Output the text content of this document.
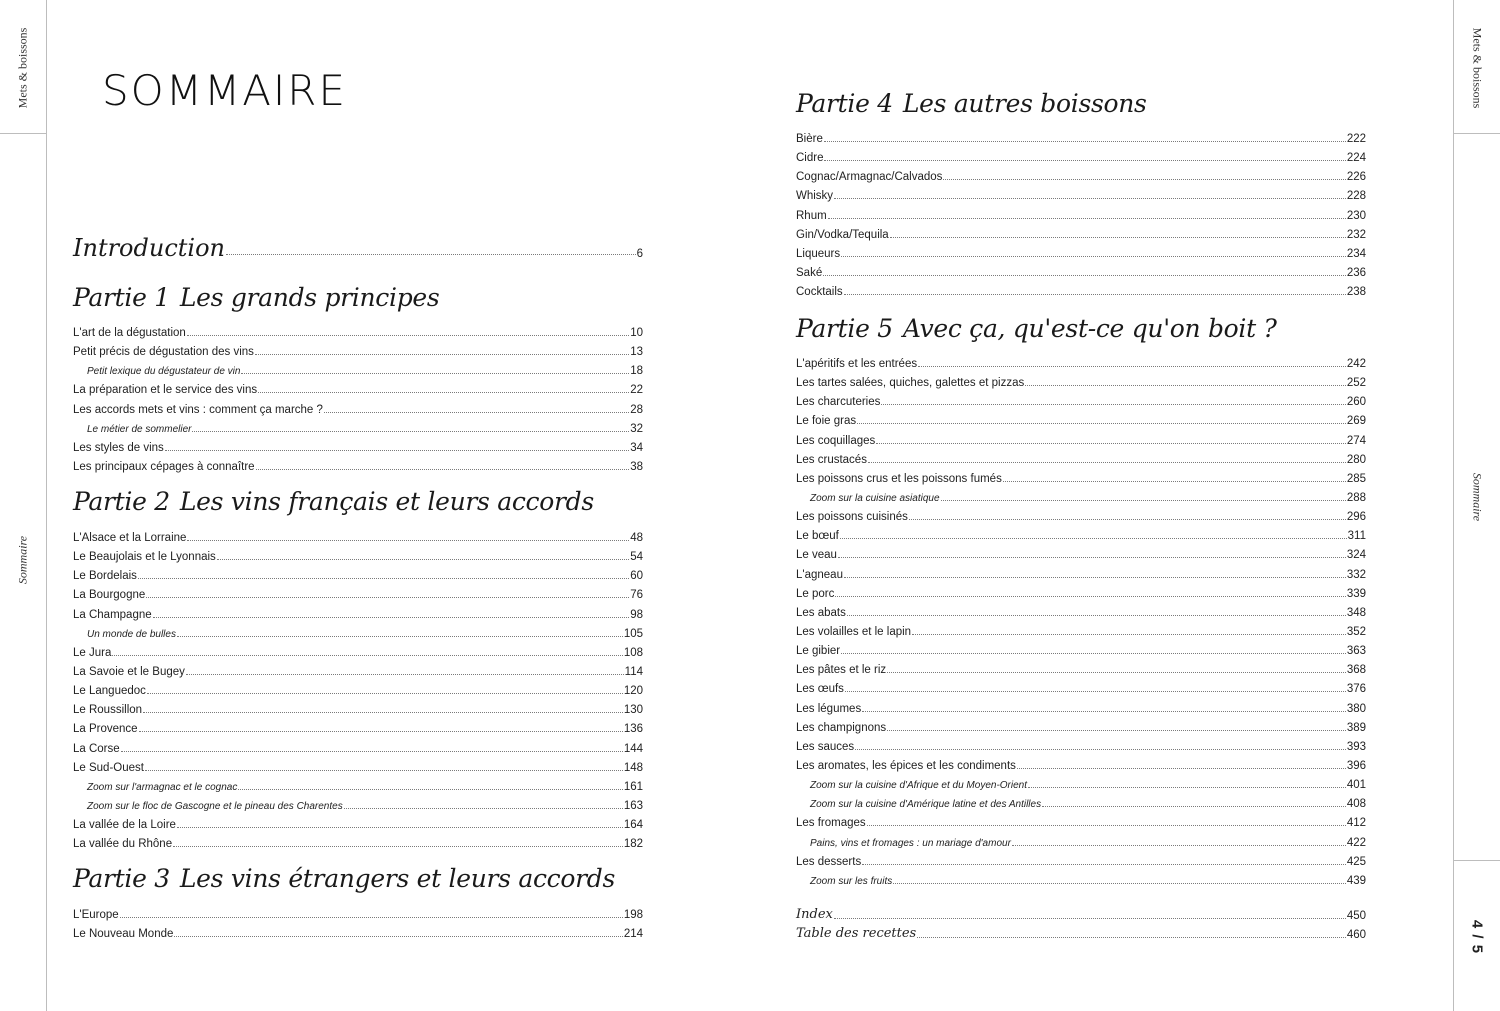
Mets & boissons
Sommaire
Mets & boissons
Sommaire
4 / 5
SOMMAIRE
Introduction	6
Partie 1 Les grands principes
L'art de la dégustation	10
Petit précis de dégustation des vins	13
Petit lexique du dégustateur de vin	18
La préparation et le service des vins	22
Les accords mets et vins : comment ça marche ?	28
Le métier de sommelier	32
Les styles de vins	34
Les principaux cépages à connaître	38
Partie 2 Les vins français et leurs accords
L'Alsace et la Lorraine	48
Le Beaujolais et le Lyonnais	54
Le Bordelais	60
La Bourgogne	76
La Champagne	98
Un monde de bulles	105
Le Jura	108
La Savoie et le Bugey	114
Le Languedoc	120
Le Roussillon	130
La Provence	136
La Corse	144
Le Sud-Ouest	148
Zoom sur l'armagnac et le cognac	161
Zoom sur le floc de Gascogne et le pineau des Charentes	163
La vallée de la Loire	164
La vallée du Rhône	182
Partie 3 Les vins étrangers et leurs accords
L'Europe	198
Le Nouveau Monde	214
Partie 4 Les autres boissons
Bière	222
Cidre	224
Cognac/Armagnac/Calvados	226
Whisky	228
Rhum	230
Gin/Vodka/Tequila	232
Liqueurs	234
Saké	236
Cocktails	238
Partie 5 Avec ça, qu'est-ce qu'on boit ?
L'apéritifs et les entrées	242
Les tartes salées, quiches, galettes et pizzas	252
Les charcuteries	260
Le foie gras	269
Les coquillages	274
Les crustacés	280
Les poissons crus et les poissons fumés	285
Zoom sur la cuisine asiatique	288
Les poissons cuisinés	296
Le bœuf	311
Le veau	324
L'agneau	332
Le porc	339
Les abats	348
Les volailles et le lapin	352
Le gibier	363
Les pâtes et le riz	368
Les œufs	376
Les légumes	380
Les champignons	389
Les sauces	393
Les aromates, les épices et les condiments	396
Zoom sur la cuisine d'Afrique et du Moyen-Orient	401
Zoom sur la cuisine d'Amérique latine et des Antilles	408
Les fromages	412
Pains, vins et fromages : un mariage d'amour	422
Les desserts	425
Zoom sur les fruits	439
Index	450
Table des recettes	460
